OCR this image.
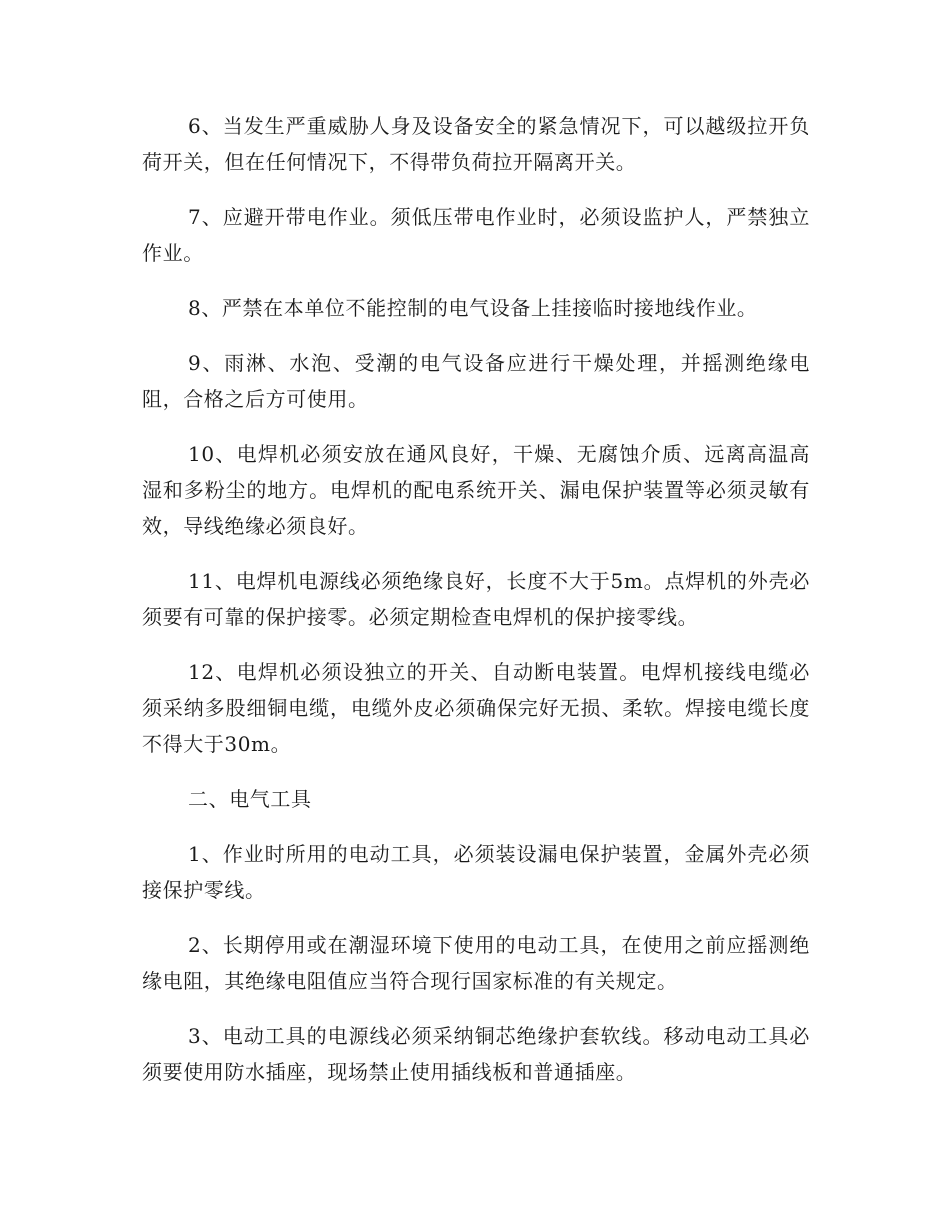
6、当发生严重威胁人身及设备安全的紧急情况下，可以越级拉开负荷开关，但在任何情况下，不得带负荷拉开隔离开关。

7、应避开带电作业。须低压带电作业时，必须设监护人，严禁独立作业。

8、严禁在本单位不能控制的电气设备上挂接临时接地线作业。

9、雨淋、水泡、受潮的电气设备应进行干燥处理，并摇测绝缘电阻，合格之后方可使用。

10、电焊机必须安放在通风良好，干燥、无腐蚀介质、远离高温高湿和多粉尘的地方。电焊机的配电系统开关、漏电保护装置等必须灵敏有效，导线绝缘必须良好。

11、电焊机电源线必须绝缘良好，长度不大于5m。点焊机的外壳必须要有可靠的保护接零。必须定期检查电焊机的保护接零线。

12、电焊机必须设独立的开关、自动断电装置。电焊机接线电缆必须采纳多股细铜电缆，电缆外皮必须确保完好无损、柔软。焊接电缆长度不得大于30m。

二、电气工具

1、作业时所用的电动工具，必须装设漏电保护装置，金属外壳必须接保护零线。

2、长期停用或在潮湿环境下使用的电动工具，在使用之前应摇测绝缘电阻，其绝缘电阻值应当符合现行国家标准的有关规定。

3、电动工具的电源线必须采纳铜芯绝缘护套软线。移动电动工具必须要使用防水插座，现场禁止使用插线板和普通插座。
